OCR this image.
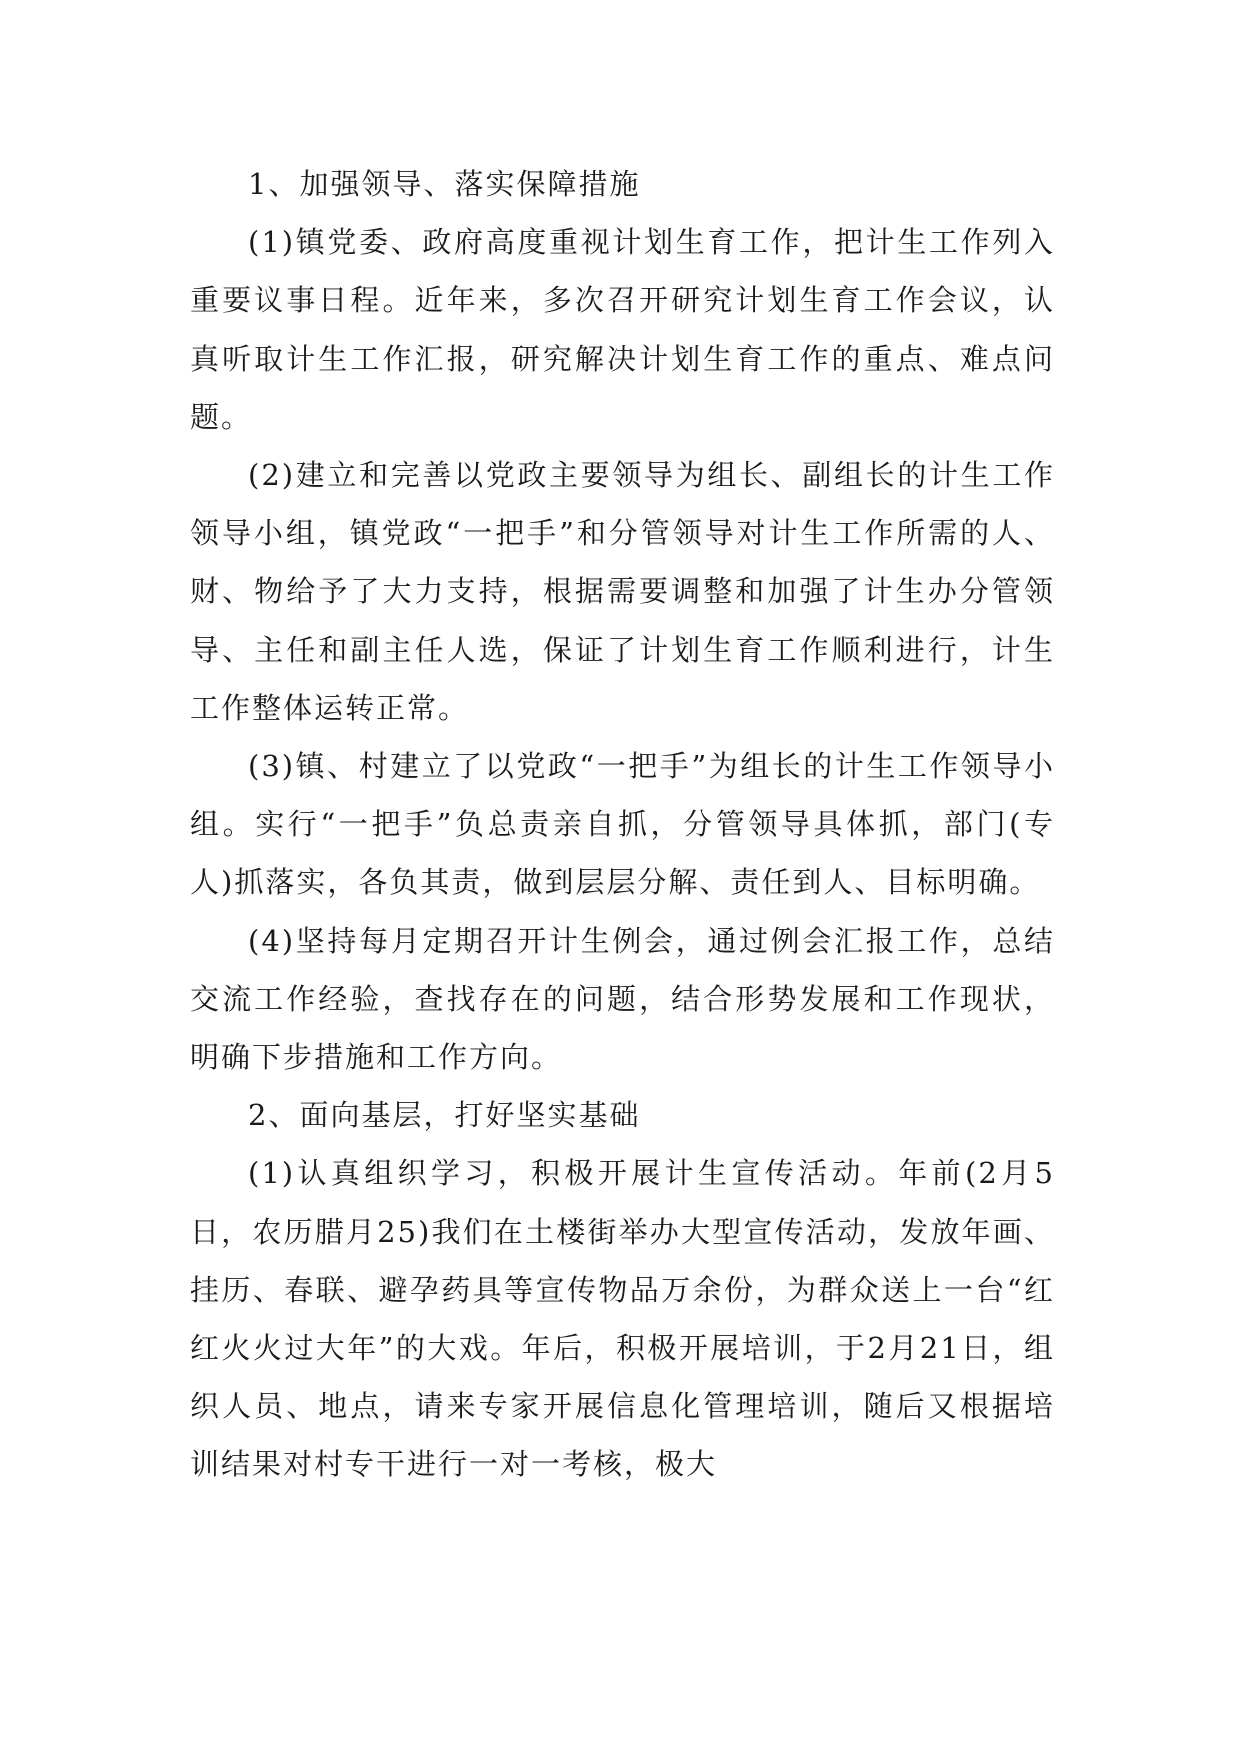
1、加强领导、落实保障措施

(1)镇党委、政府高度重视计划生育工作，把计生工作列入重要议事日程。近年来，多次召开研究计划生育工作会议，认真听取计生工作汇报，研究解决计划生育工作的重点、难点问题。

(2)建立和完善以党政主要领导为组长、副组长的计生工作领导小组，镇党政“一把手”和分管领导对计生工作所需的人、财、物给予了大力支持，根据需要调整和加强了计生办分管领导、主任和副主任人选，保证了计划生育工作顺利进行，计生工作整体运转正常。

(3)镇、村建立了以党政“一把手”为组长的计生工作领导小组。实行“一把手”负总责亲自抓，分管领导具体抓，部门(专人)抓落实，各负其责，做到层层分解、责任到人、目标明确。

(4)坚持每月定期召开计生例会，通过例会汇报工作，总结交流工作经验，查找存在的问题，结合形势发展和工作现状，明确下步措施和工作方向。

2、面向基层，打好坚实基础

(1)认真组织学习，积极开展计生宣传活动。年前(2月5日，农历腊月25)我们在土楼街举办大型宣传活动，发放年画、挂历、春联、避孕药具等宣传物品万余份，为群众送上一台“红红火火过大年”的大戏。年后，积极开展培训，于2月21日，组织人员、地点，请来专家开展信息化管理培训，随后又根据培训结果对村专干进行一对一考核，极大
